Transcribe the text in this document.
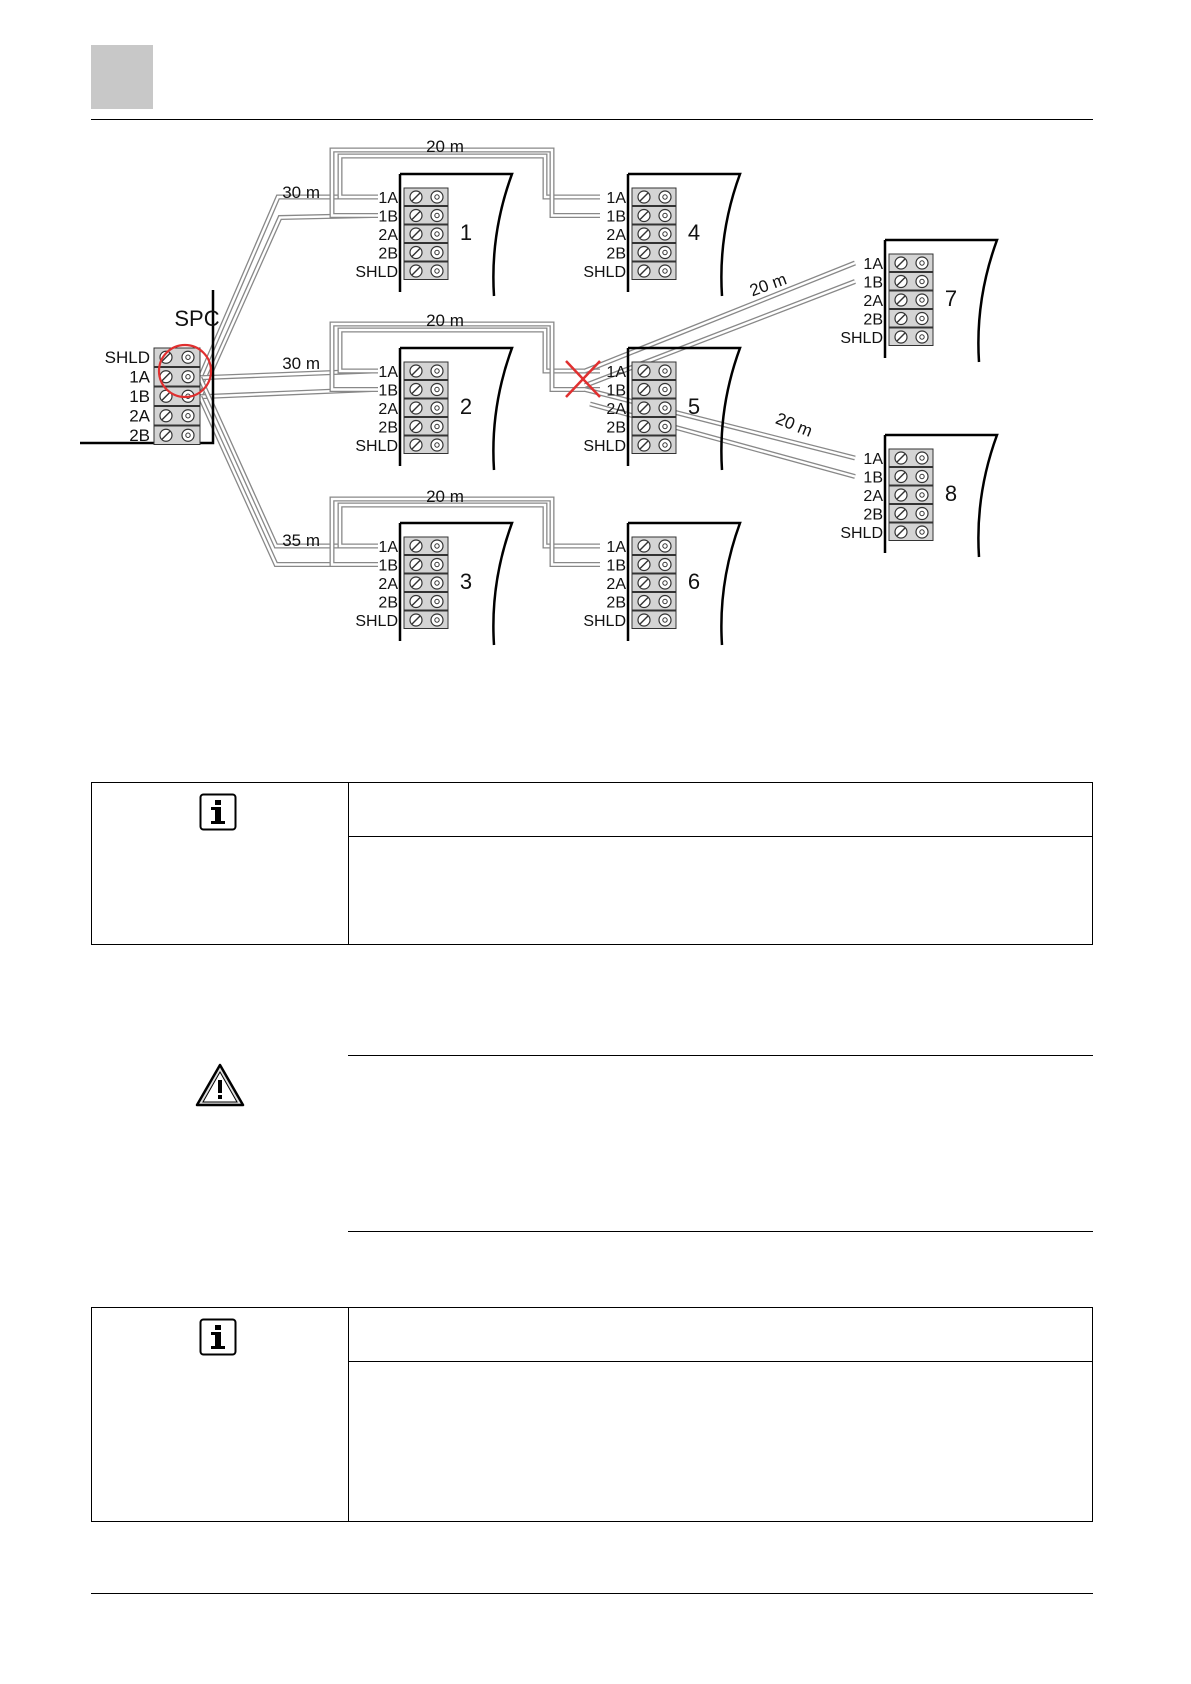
SPC
SHLD
1A
1B
2A
2B
1A
1B
2A
2B
SHLD
1
1A
1B
2A
2B
SHLD
2
1A
1B
2A
2B
SHLD
3
1A
1B
2A
2B
SHLD
4
1A
1B
2A
2B
SHLD
5
1A
1B
2A
2B
SHLD
6
1A
1B
2A
2B
SHLD
7
1A
1B
2A
2B
SHLD
8
30 m
30 m
35 m
20 m
20 m
20 m
20 m
20 m
